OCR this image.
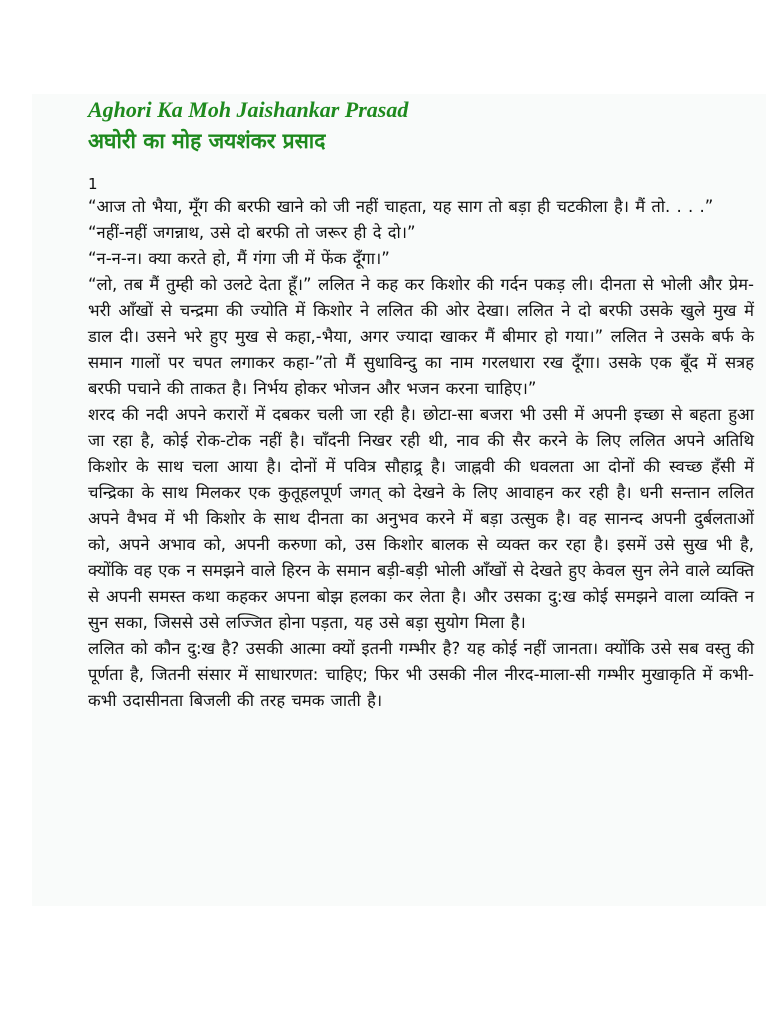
Aghori Ka Moh Jaishankar Prasad
अघोरी का मोह जयशंकर प्रसाद
1

“आज तो भैया, मूँग की बरफी खाने को जी नहीं चाहता, यह साग तो बड़ा ही चटकीला है। मैं तो. . . .”

“नहीं-नहीं जगन्नाथ, उसे दो बरफी तो जरूर ही दे दो।”

“न-न-न। क्या करते हो, मैं गंगा जी में फेंक दूँगा।”

“लो, तब मैं तुम्ही को उलटे देता हूँ।” ललित ने कह कर किशोर की गर्दन पकड़ ली। दीनता से भोली और प्रेम-भरी आँखों से चन्द्रमा की ज्योति में किशोर ने ललित की ओर देखा। ललित ने दो बरफी उसके खुले मुख में डाल दी। उसने भरे हुए मुख से कहा,-भैया, अगर ज्यादा खाकर मैं बीमार हो गया।” ललित ने उसके बर्फ के समान गालों पर चपत लगाकर कहा-”तो मैं सुधाविन्दु का नाम गरलधारा रख दूँगा। उसके एक बूँद में सत्रह बरफी पचाने की ताकत है। निर्भय होकर भोजन और भजन करना चाहिए।”

शरद की नदी अपने करारों में दबकर चली जा रही है। छोटा-सा बजरा भी उसी में अपनी इच्छा से बहता हुआ जा रहा है, कोई रोक-टोक नहीं है। चाँदनी निखर रही थी, नाव की सैर करने के लिए ललित अपने अतिथि किशोर के साथ चला आया है। दोनों में पवित्र सौहाद्र्र है। जाह्नवी की धवलता आ दोनों की स्वच्छ हँसी में चन्द्रिका के साथ मिलकर एक कुतूहलपूर्ण जगत् को देखने के लिए आवाहन कर रही है। धनी सन्तान ललित अपने वैभव में भी किशोर के साथ दीनता का अनुभव करने में बड़ा उत्सुक है। वह सानन्द अपनी दुर्बलताओं को, अपने अभाव को, अपनी करुणा को, उस किशोर बालक से व्यक्त कर रहा है। इसमें उसे सुख भी है, क्योंकि वह एक न समझने वाले हिरन के समान बड़ी-बड़ी भोली आँखों से देखते हुए केवल सुन लेने वाले व्यक्ति से अपनी समस्त कथा कहकर अपना बोझ हलका कर लेता है। और उसका दु:ख कोई समझने वाला व्यक्ति न सुन सका, जिससे उसे लज्जित होना पड़ता, यह उसे बड़ा सुयोग मिला है।

ललित को कौन दु:ख है? उसकी आत्मा क्यों इतनी गम्भीर है? यह कोई नहीं जानता। क्योंकि उसे सब वस्तु की पूर्णता है, जितनी संसार में साधारणत: चाहिए; फिर भी उसकी नील नीरद-माला-सी गम्भीर मुखाकृति में कभी-कभी उदासीनता बिजली की तरह चमक जाती है।
